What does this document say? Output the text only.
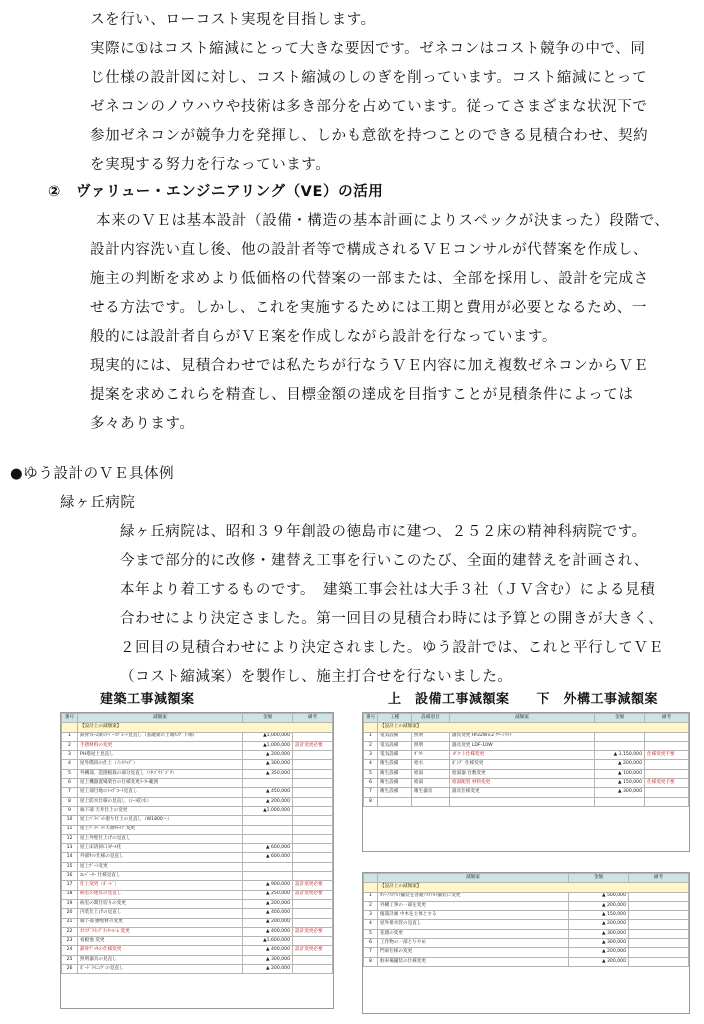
スを行い、ローコスト実現を目指します。
実際に①はコスト縮減にとって大きな要因です。ゼネコンはコスト競争の中で、同
じ仕様の設計図に対し、コスト縮減のしのぎを削っています。コスト縮減にとって
ゼネコンのノウハウや技術は多き部分を占めています。従ってさまざまな状況下で
参加ゼネコンが競争力を発揮し、しかも意欲を持つことのできる見積合わせ、契約
を実現する努力を行なっています。
②　ヴァリュー・エンジニアリング（VE）の活用
本来のＶＥは基本設計（設備・構造の基本計画によりスペックが決まった）段階で、
設計内容洗い直し後、他の設計者等で構成されるＶＥコンサルが代替案を作成し、
施主の判断を求めより低価格の代替案の一部または、全部を採用し、設計を完成さ
せる方法です。しかし、これを実施するためには工期と費用が必要となるため、一
般的には設計者自らがＶＥ案を作成しながら設計を行なっています。
現実的には、見積合わせでは私たちが行なうＶＥ内容に加え複数ゼネコンからＶＥ
提案を求めこれらを精査し、目標金額の達成を目指すことが見積条件によっては
多々あります。
●ゆう設計のＶＥ具体例
緑ヶ丘病院
緑ヶ丘病院は、昭和３９年創設の徳島市に建つ、２５２床の精神科病院です。
今まで部分的に改修・建替え工事を行いこのたび、全面的建替えを計画され、
本年より着工するものです。　建築工事会社は大手３社（ＪＶ含む）による見積
合わせにより決定さました。第一回目の見積合わ時には予算との開きが大きく、
２回目の見積合わせにより決定されました。ゆう設計では、これと平行してＶＥ
（コスト縮減案）を製作し、施主打合せを行ないました。
建築工事減額案	上　設備工事減額案　　下　外構工事減額案
番号	減額案	金額	備考
	【設計上の減額案】		
1	鉄骨ﾌﾚｰﾑ梁のﾍﾞｰｽﾌﾟﾚｰﾄ見直し（基礎梁の上端ｽﾗﾌﾞ下端）	▲1,000,000	
2	手摺材料の変更	▲1,000,000	設計変更必要
3	PH塔屋上見直し	▲ 200,000	
4	屋外階段の仕上（ﾉﾝｽﾘｯﾌﾟ）	▲ 300,000	
5	外構部、造園植栽の部分見直し（中ｺﾞｳﾄﾞｺﾞﾜ）	▲ 350,000	
6	屋上機器置場架台の仕様変更ﾒｰｶｰ範囲		
7	屋上部目地のﾄｯﾌﾟｺｰﾄ見直し	▲ 450,000	
8	屋上防水仕様の見直し（ｼｰﾄ防水）	▲ 200,000	
9	廊下部 天井仕上の変更	▲1,000,000	
10	屋上ﾊﾟﾗﾍﾟｯﾄ廻り仕上の見直し（W1800～）		
11	屋上ﾊﾟﾗﾍﾟｯﾄ天端ｷｬｯﾌﾟ変更		
12	屋上外壁仕上げの見直し		
13	屋上床清掃口ｽﾁｰﾙ化	▲ 600,000	
14	外部ｻｯｼ仕様の見直し	▲ 600,000	
15	屋上ｹﾞｰﾄ変更		
16	ｴﾚﾍﾞｰﾀｰ 仕様見直し		
17	仕上変更（ﾎﾞｰﾄﾞ）	▲ 900,000	設計変更必要
18	病室の建具の見直し	▲ 250,000	設計変更必要
19	病室の間仕切りの変更	▲ 200,000	
20	内装仕上げの見直し	▲ 400,000	
21	廊下部 腰壁材の変更	▲ 200,000	
22	ｽﾃｲﾌﾟﾗｲﾝﾌﾟﾗﾝﾀｰﾙｰﾑ 変更	▲ 400,000	設計変更必要
23	看板他 変更	▲1,600,000	
24	鉄骨ﾃﾞｯｷの仕様変更	▲ 400,000	設計変更必要
25	照明器具の見直し	▲ 300,000	
26	ﾎﾞｰﾄﾞﾗｲﾆﾝｸﾞの見直し	▲ 200,000	
番号	工種	設備項目	減額案	金額	備考
	【設計上の減額案】				
1	電気設備	照明	器具変更 Hf32W×2 ｸﾘｰﾝﾗｲﾄ		
2	電気設備	照明	器具変更 LDF-10W		
3	電気設備	ﾀﾞｸﾄ	ダクト仕様変更	▲ 1,150,000	仕様変更不要
4	衛生設備	給水	ﾎﾟﾝﾌﾟ 仕様変更	▲ 200,000	
5	衛生設備	給湯	給湯器 台数変更	▲ 100,000	
6	衛生設備	給湯	給湯配管 材料変更	▲ 150,000	仕様変更不要
7	衛生設備	衛生器具	器具仕様変更	▲ 300,000	
8					
	減額案	金額	備考
	【設計上の減額案】		
1	ｶﾗｰｱｽﾌｧﾙﾄ舗装を普通ｱｽﾌｧﾙﾄ舗装に変更	▲ 500,000	
2	外構工事の一部を変更	▲ 200,000	
3	植栽計画 中木を主体とする	▲ 150,000	
4	屋外排水管の見直し	▲ 200,000	
5	花壇の変更	▲ 300,000	
6	工作物の一部とりやめ	▲ 300,000	
7	門扉仕様の変更	▲ 200,000	
8	駐車場舗装の仕様変更	▲ 300,000	
